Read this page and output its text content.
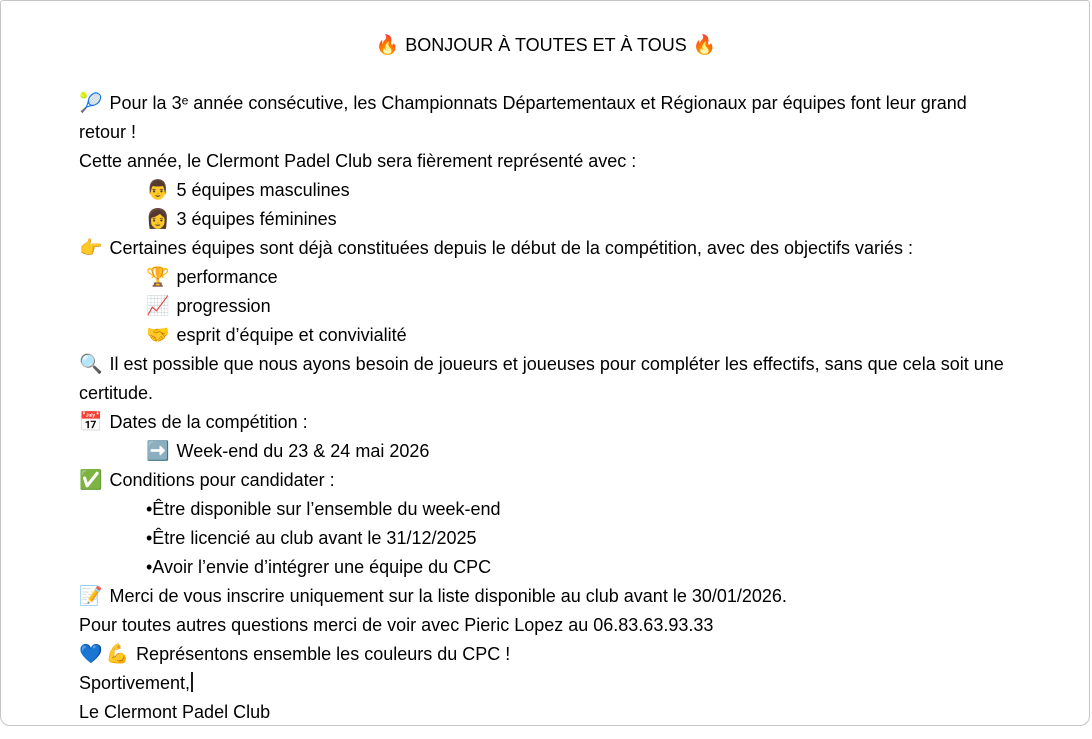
🔥 BONJOUR À TOUTES ET À TOUS 🔥
🎾 Pour la 3ᵉ année consécutive, les Championnats Départementaux et Régionaux par équipes font leur grand retour !
Cette année, le Clermont Padel Club sera fièrement représenté avec :
👨 5 équipes masculines
👩 3 équipes féminines
👉 Certaines équipes sont déjà constituées depuis le début de la compétition, avec des objectifs variés :
🏆 performance
📈 progression
🤝 esprit d’équipe et convivialité
🔍 Il est possible que nous ayons besoin de joueurs et joueuses pour compléter les effectifs, sans que cela soit une certitude.
📅 Dates de la compétition :
➡️ Week-end du 23 & 24 mai 2026
✅ Conditions pour candidater :
•Être disponible sur l’ensemble du week-end
•Être licencié au club avant le 31/12/2025
•Avoir l’envie d’intégrer une équipe du CPC
📝 Merci de vous inscrire uniquement sur la liste disponible au club avant le 30/01/2026.
Pour toutes autres questions merci de voir avec Pieric Lopez au 06.83.63.93.33
💙 💪 Représentons ensemble les couleurs du CPC !
Sportivement,
Le Clermont Padel Club
